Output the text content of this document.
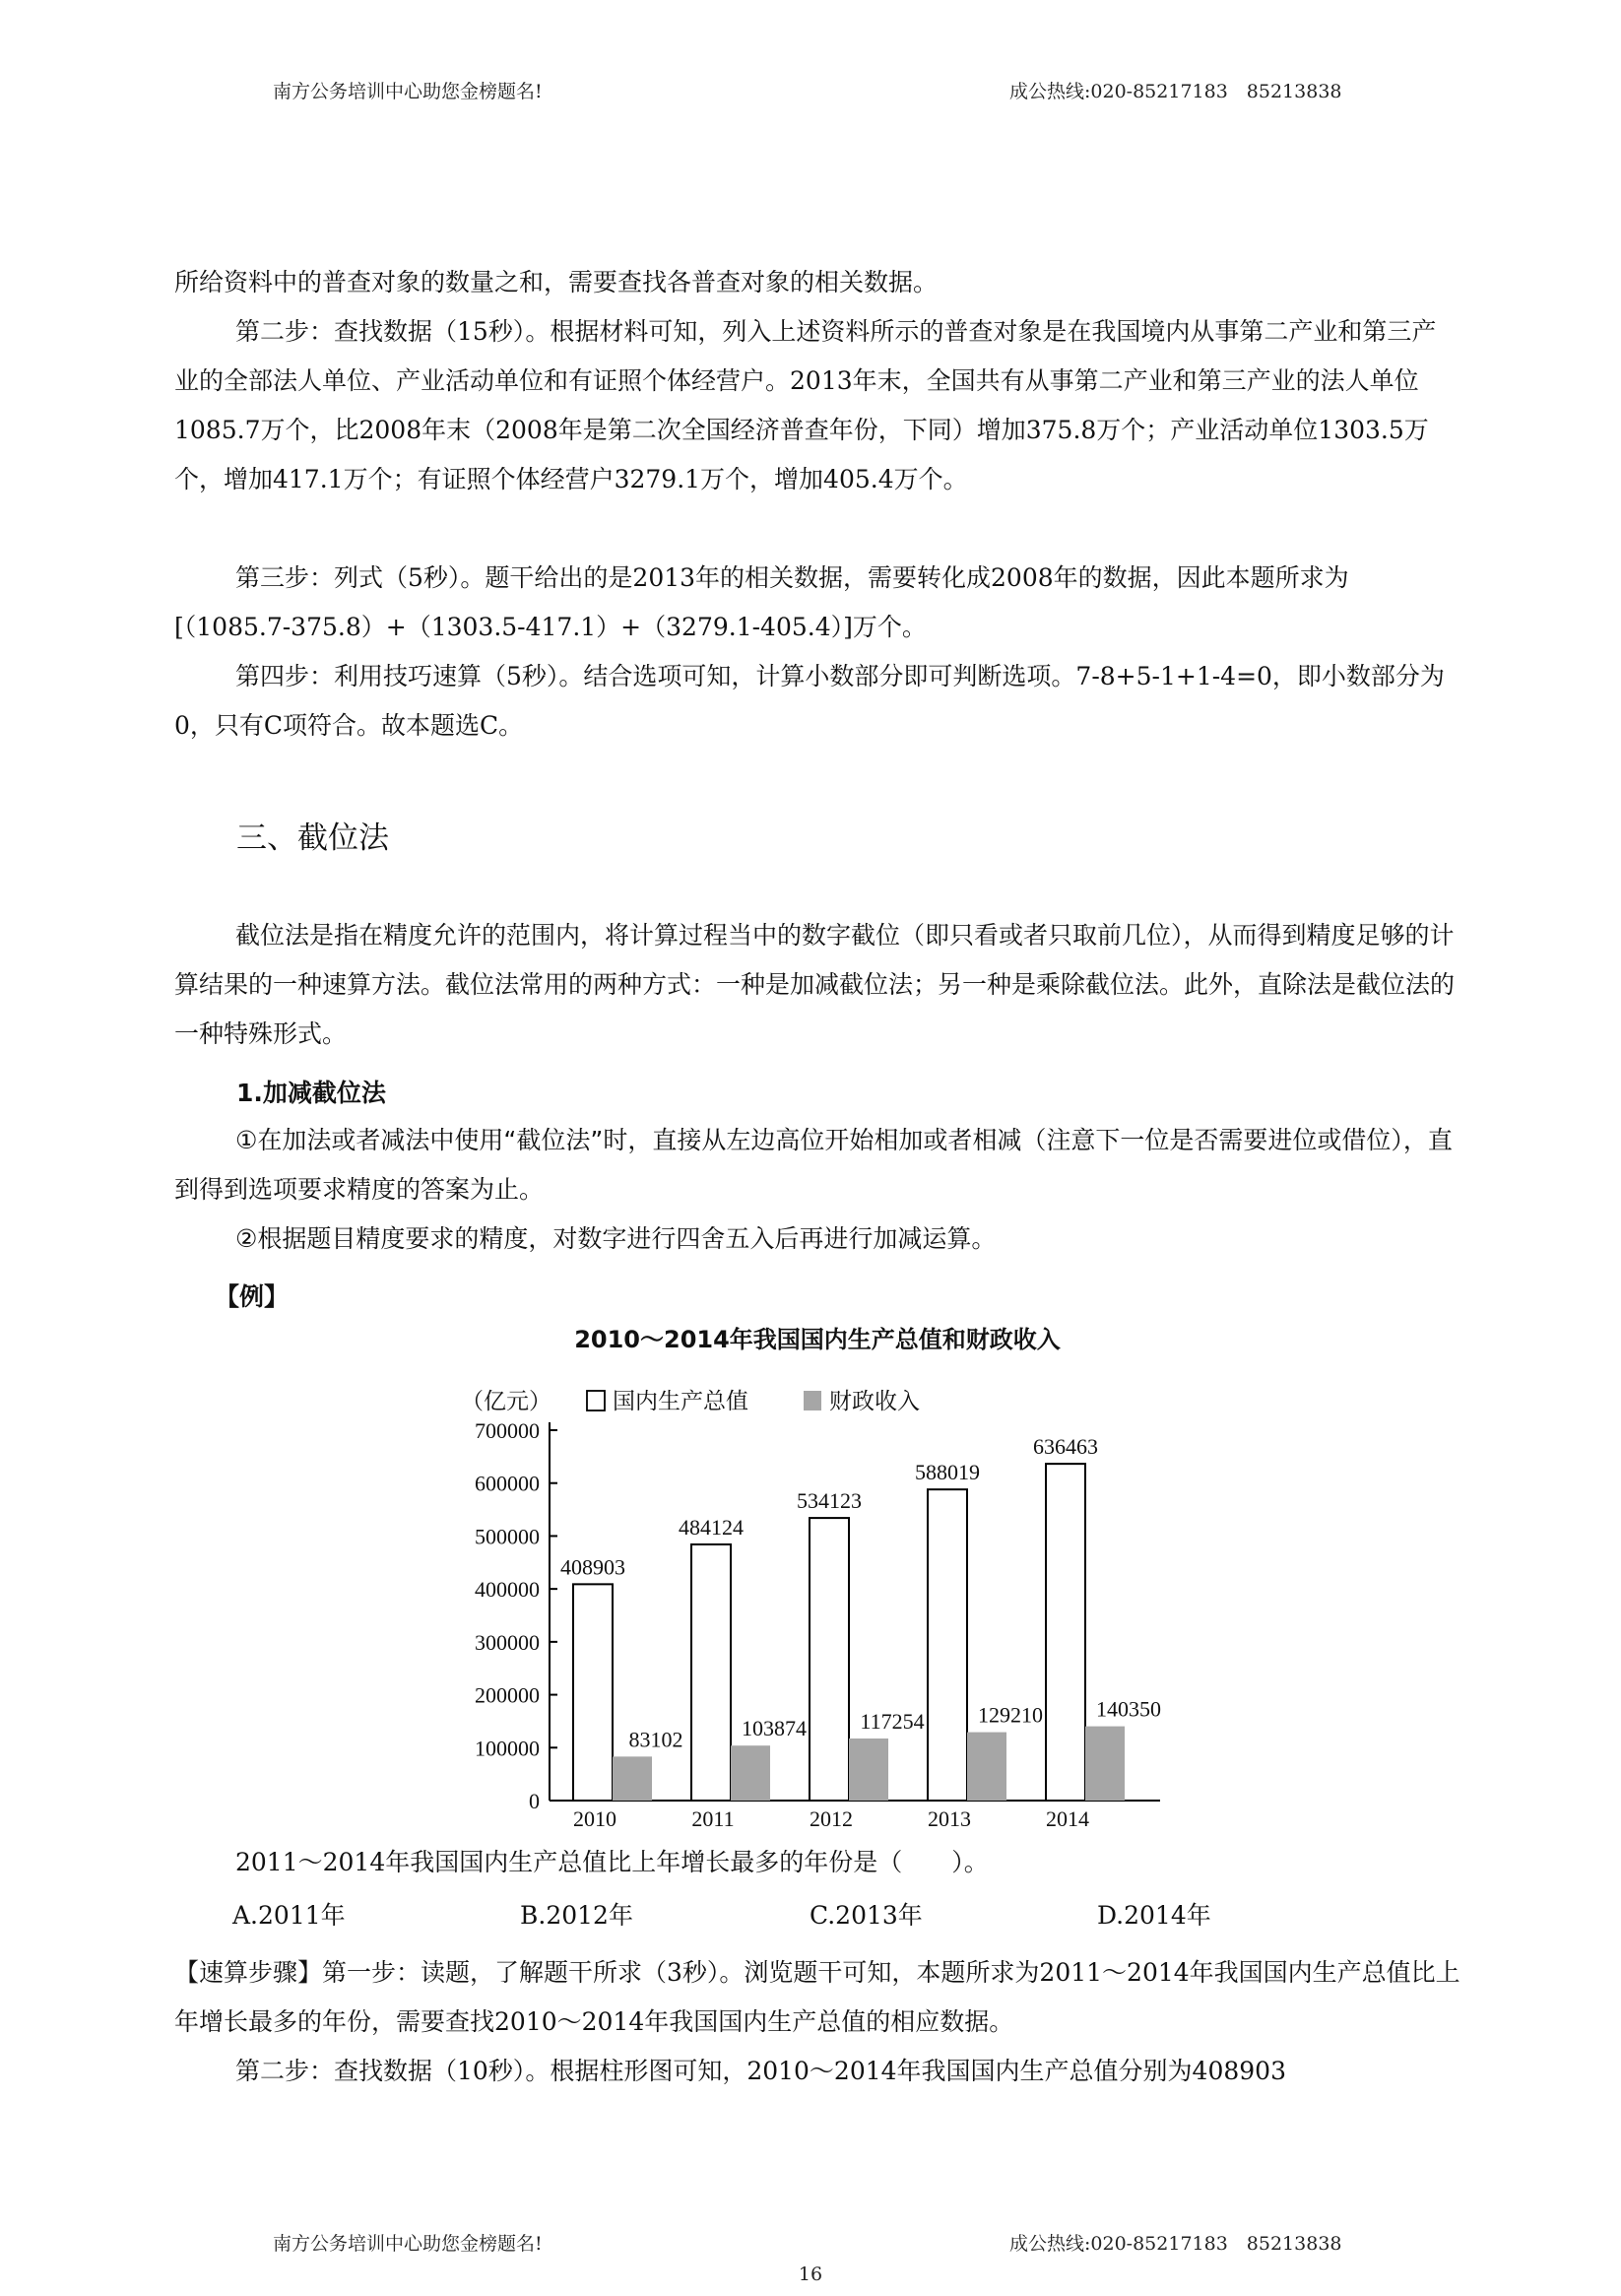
南方公务培训中心助您金榜题名!	成公热线:020-85217183　85213838

所给资料中的普查对象的数量之和，需要查找各普查对象的相关数据。

第二步：查找数据（15秒）。根据材料可知，列入上述资料所示的普查对象是在我国境内从事第二产业和第三产业的全部法人单位、产业活动单位和有证照个体经营户。2013年末，全国共有从事第二产业和第三产业的法人单位1085.7万个，比2008年末（2008年是第二次全国经济普查年份，下同）增加375.8万个；产业活动单位1303.5万个，增加417.1万个；有证照个体经营户3279.1万个，增加405.4万个。

第三步：列式（5秒）。题干给出的是2013年的相关数据，需要转化成2008年的数据，因此本题所求为[（1085.7-375.8）+（1303.5-417.1）+（3279.1-405.4）]万个。

第四步：利用技巧速算（5秒）。结合选项可知，计算小数部分即可判断选项。7-8+5-1+1-4=0，即小数部分为0，只有C项符合。故本题选C。

三、截位法

截位法是指在精度允许的范围内，将计算过程当中的数字截位（即只看或者只取前几位），从而得到精度足够的计算结果的一种速算方法。截位法常用的两种方式：一种是加减截位法；另一种是乘除截位法。此外，直除法是截位法的一种特殊形式。

1.加减截位法

①在加法或者减法中使用“截位法”时，直接从左边高位开始相加或者相减（注意下一位是否需要进位或借位），直到得到选项要求精度的答案为止。

②根据题目精度要求的精度，对数字进行四舍五入后再进行加减运算。

【例】

2010～2014年我国国内生产总值和财政收入

0
100000
200000
300000
400000
500000
600000
700000
（亿元）	国内生产总值	财政收入
408903
83102
2010
484124
103874
2011
534123
117254
2012
588019
129210
2013
636463
140350
2014

2011～2014年我国国内生产总值比上年增长最多的年份是（　　）。

A.2011年	B.2012年	C.2013年	D.2014年

【速算步骤】第一步：读题，了解题干所求（3秒）。浏览题干可知，本题所求为2011～2014年我国国内生产总值比上年增长最多的年份，需要查找2010～2014年我国国内生产总值的相应数据。

第二步：查找数据（10秒）。根据柱形图可知，2010～2014年我国国内生产总值分别为408903

南方公务培训中心助您金榜题名!	成公热线:020-85217183　85213838
16
